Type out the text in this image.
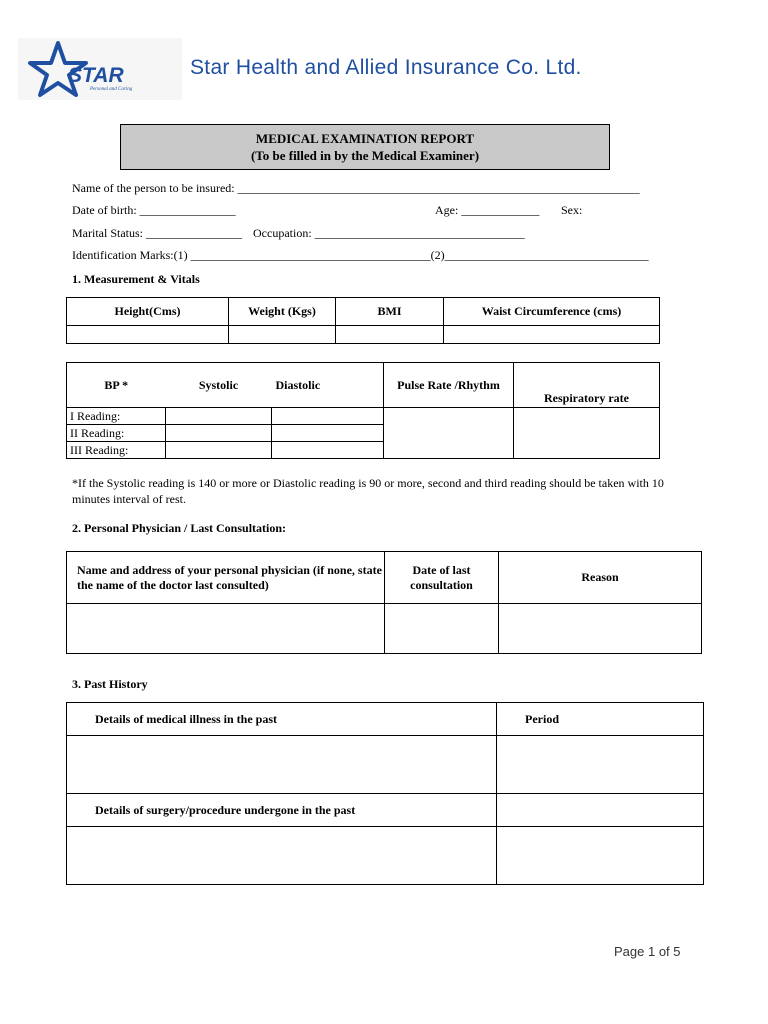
STAR
Personal and Caring
Star Health and Allied Insurance Co. Ltd.
MEDICAL EXAMINATION REPORT
(To be filled in by the Medical Examiner)
Name of the person to be insured: ___________________________________________________________________
Date of birth: ________________	Age: _____________ Sex:
Marital Status: ________________ Occupation: ___________________________________
Identification Marks:(1) ________________________________________(2)__________________________________
1. Measurement & Vitals
Height(Cms)	Weight (Kgs)	BMI	Waist Circumference (cms)

BP *	Systolic	Diastolic	Pulse Rate /Rhythm	Respiratory rate
I Reading:				
II Reading:				
III Reading:				
*If the Systolic reading is 140 or more or Diastolic reading is 90 or more, second and third reading should be taken with 10 minutes interval of rest.
2. Personal Physician / Last Consultation:
Name and address of your personal physician (if none, state the name of the doctor last consulted)	Date of last consultation	Reason

3. Past History
Details of medical illness in the past	Period

Details of surgery/procedure undergone in the past	

Page 1 of 5
